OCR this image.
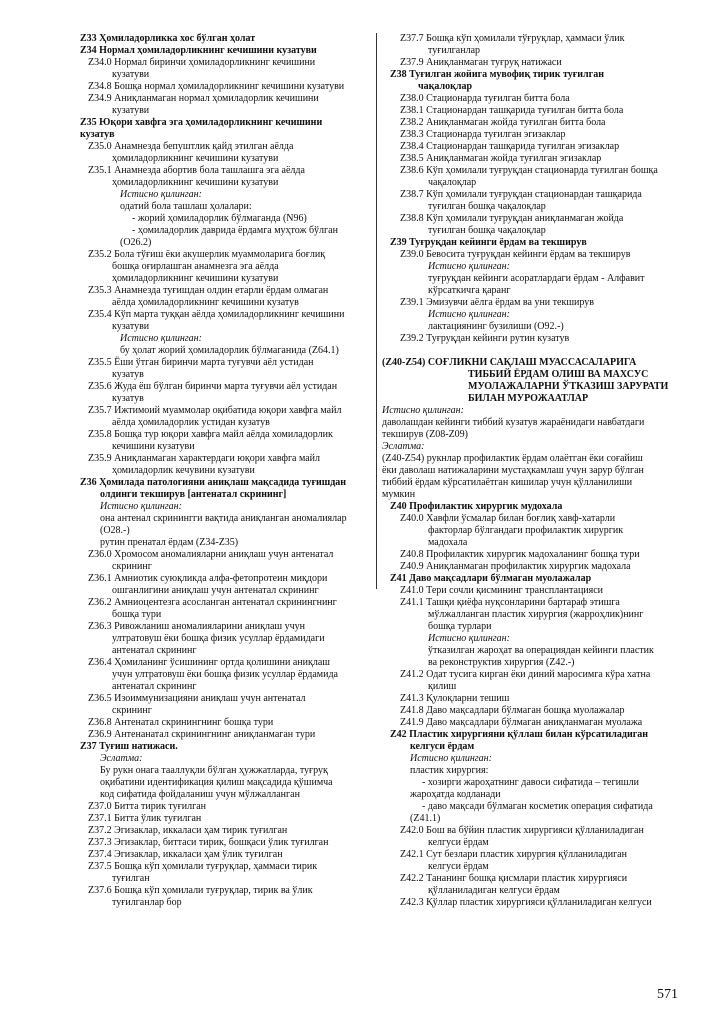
Z33 Ҳомиладорликка хос бўлган ҳолат
Z34 Нормал ҳомиладорликнинг кечишини кузатуви
Z34.0 Нормал биринчи ҳомиладорликнинг кечишини
кузатуви
Z34.8 Бошқа нормал ҳомиладорликнинг кечишини кузатуви
Z34.9 Аниқланмаган нормал ҳомиладорлик кечишини
кузатуви
Z35 Юқори хавфга эга ҳомиладорликнинг кечишини
кузатув
Z35.0 Анамнезда бепуштлик қайд этилган аёлда
ҳомиладорликнинг кечишини кузатуви
Z35.1 Анамнезда абортив бола ташлашга эга аёлда
ҳомиладорликнинг кечишини кузатуви
Истисно қилинган:
одатий бола ташлаш ҳолалари:
- жорий ҳомиладорлик бўлмаганда (N96)
- ҳомиладорлик даврида ёрдамга муҳтож бўлган
(O26.2)
Z35.2 Бола тўғиш ёки акушерлик муаммоларига боғлиқ
бошқа оғирлашган анамнезга эга аёлда
ҳомиладорликнинг кечишини кузатуви
Z35.3 Анамнезда туғишдан олдин етарли ёрдам олмаган
аёлда ҳомиладорликнинг кечишини кузатув
Z35.4 Кўп марта туққан аёлда ҳомиладорликнинг кечишини
кузатуви
Истисно қилинган:
бу ҳолат жорий ҳомиладорлик бўлмаганида (Z64.1)
Z35.5 Ёши ўтган биринчи марта туғувчи аёл устидан
кузатув
Z35.6 Жуда ёш бўлган биринчи марта туғувчи аёл устидан
кузатув
Z35.7 Ижтимоий муаммолар оқибатида юқори хавфга майл
аёлда ҳомиладорлик устидан кузатув
Z35.8 Бошқа тур юқори хавфга майл аёлда хомиладорлик
кечишини кузатуви
Z35.9 Аниқланмаган характердаги юқори хавфга майл
ҳомиладорлик кечувини кузатуви
Z36 Ҳомилада патологияни аниқлаш мақсадида туғишдан
олдинги текширув [антенатал скрининг]
Истисно қилинган:
она антенал скринингги вақтида аниқланган аномалиялар
(O28.-)
рутин пренатал ёрдам (Z34-Z35)
Z36.0 Хромосом аномалияларни аниқлаш учун антенатал
скрининг
Z36.1 Амниотик суюқликда алфа-фетопротеин миқдори
ошганлигини аниқлаш учун антенатал скрининг
Z36.2 Амниоцентезга асосланган антенатал скринингнинг
бошқа тури
Z36.3 Ривожланиш аномалияларини аниқлаш учун
ултратовуш ёки бошқа физик усуллар ёрдамидаги
антенатал скрининг
Z36.4 Ҳомиланинг ўсишининг ортда қолишини аниқлаш
учун ултратовуш ёки бошқа физик усуллар ёрдамида
антенатал скрининг
Z36.5 Изоиммунизацияни аниқлаш учун антенатал
скрининг
Z36.8 Антенатал скринингнинг бошқа тури
Z36.9 Антенанатал скринингнинг аниқланмаган тури
Z37 Туғиш натижаси.
Эслатма:
Бу рукн онага тааллуқли бўлган ҳужжатларда, туғруқ
оқибатини идентификация қилиш мақсадида қўшимча
код сифатида фойдаланиш учун мўлжалланган
Z37.0 Битта тирик туғилган
Z37.1 Битта ўлик туғилган
Z37.2 Эгизаклар, иккаласи ҳам тирик туғилган
Z37.3 Эгизаклар, биттаси тирик, бошқаси ўлик туғилган
Z37.4 Эгизаклар, иккаласи ҳам ўлик туғилган
Z37.5 Бошқа кўп ҳомилали туғруқлар, ҳаммаси тирик
туғилган
Z37.6 Бошқа кўп ҳомилали туғруқлар, тирик ва ўлик
туғилганлар бор
Z37.7 Бошқа кўп ҳомилали тўғруқлар, ҳаммаси ўлик
туғилганлар
Z37.9 Аниқланмаган туғруқ натижаси
Z38 Туғилган жойига мувофиқ тирик туғилган
чақалоқлар
Z38.0 Стационарда туғилган битта бола
Z38.1 Стационардан ташқарида туғилган битта бола
Z38.2 Аниқланмаган жойда туғилган битта бола
Z38.3 Стационарда туғилган эгизаклар
Z38.4 Стационардан ташқарида туғилган эгизаклар
Z38.5 Аниқланмаган жойда туғилган эгизаклар
Z38.6 Кўп ҳомилали туғруқдан стационарда туғилган бошқа
чақалоқлар
Z38.7 Кўп ҳомилали туғруқдан стационардан ташқарида
туғилган бошқа чақалоқлар
Z38.8 Кўп ҳомилали туғруқдан аниқланмаган жойда
туғилган бошқа чақалоқлар
Z39 Туғруқдан кейинги ёрдам ва текширув
Z39.0 Бевосита туғруқдан кейинги ёрдам ва текширув
Истисно қилинган:
туғруқдан кейинги асоратлардаги ёрдам - Алфавит
кўрсаткичга қаранг
Z39.1 Эмизувчи аёлга ёрдам ва уни текширув
Истисно қилинган:
лактациянинг бузилиши (O92.-)
Z39.2 Туғруқдан кейинги рутин кузатув
(Z40-Z54) СОҒЛИКНИ САҚЛАШ МУАССАСАЛАРИГА
ТИББИЙ ЁРДАМ ОЛИШ ВА МАХСУС
МУОЛАЖАЛАРНИ ЎТКАЗИШ ЗАРУРАТИ
БИЛАН МУРОЖААТЛАР
Истисно қилинган:
даволашдан кейинги тиббий кузатув жараёнидаги навбатдаги
текширув (Z08-Z09)
Эслатма:
(Z40-Z54) рукнлар профилактик ёрдам олаётган ёки соғайиш
ёки даволаш натижаларини мустаҳкамлаш учун зарур бўлган
тиббий ёрдам кўрсатилаётган кишилар учун қўлланилиши
мумкин
Z40 Профилактик хирургик мудохала
Z40.0 Хавфли ўсмалар билан боғлиқ хавф-хатарли
факторлар бўлгандаги профилактик хирургик
мадохала
Z40.8 Профилактик хирургик мадохаланинг бошқа тури
Z40.9 Аниқланмаган профилактик хирургик мадохала
Z41 Даво мақсадлари бўлмаган муолажалар
Z41.0 Тери сочли қисмининг трансплантацияси
Z41.1 Ташқи қиёфа нуқсонларини бартараф этишга
мўлжалланган пластик хирургия (жарроҳлик)нинг
бошқа турлари
Истисно қилинган:
ўтказилган жароҳат ва операциядан кейинги пластик
ва реконструктив хирургия (Z42.-)
Z41.2 Одат тусига кирган ёки диний маросимга кўра хатна
қилиш
Z41.3 Қулоқларни тешиш
Z41.8 Даво мақсадлари бўлмаган бошқа муолажалар
Z41.9 Даво мақсадлари бўлмаган аниқланмаган муолажа
Z42 Пластик хирургияни қўллаш билан кўрсатиладиган
келгуси ёрдам
Истисно қилинган:
пластик хирургия:
- хозирги жароҳатнинг давоси сифатида – тегишли
жароҳатда кодланади
- даво мақсади бўлмаган косметик операция сифатида
(Z41.1)
Z42.0 Бош ва бўйин пластик хирургияси қўлланиладиган
келгуси ёрдам
Z42.1 Сут безлари пластик хирургия қўлланиладиган
келгуси ёрдам
Z42.2 Тананинг бошқа қисмлари пластик хирургияси
қўлланиладиган келгуси ёрдам
Z42.3 Қўллар пластик хирургияси қўлланиладиган келгуси
571
